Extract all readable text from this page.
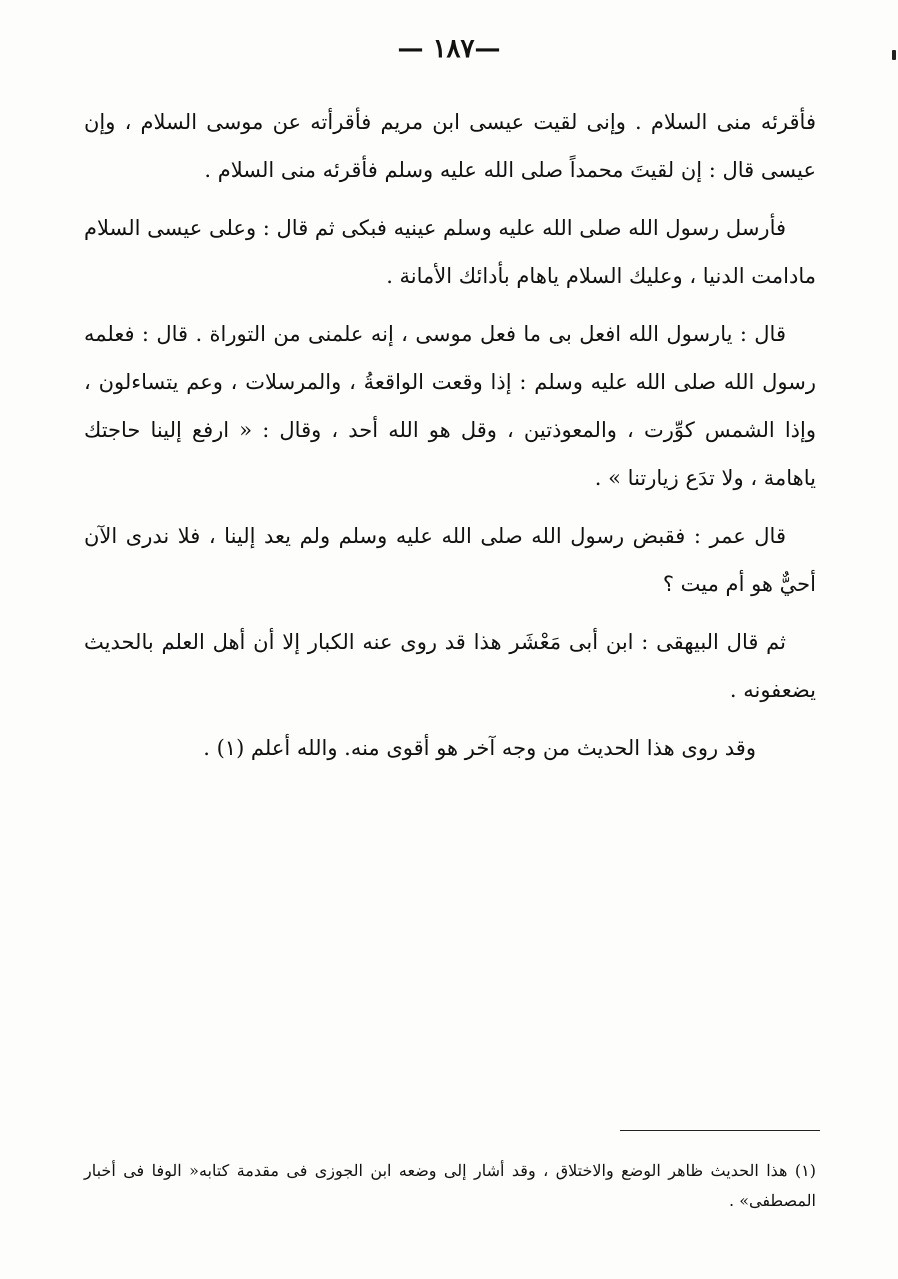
— ١٨٧—

فأقرئه منى السلام . وإنى لقيت عيسى ابن مريم فأقرأته عن موسى السلام ، وإن عيسى قال : إن لقيتَ محمداً صلى الله عليه وسلم فأقرئه منى السلام .

فأرسل رسول الله صلى الله عليه وسلم عينيه فبكى ثم قال : وعلى عيسى السلام مادامت الدنيا ، وعليك السلام ياهام بأدائك الأمانة .

قال : يارسول الله افعل بى ما فعل موسى ، إنه علمنى من التوراة . قال : فعلمه رسول الله صلى الله عليه وسلم : إذا وقعت الواقعةُ ، والمرسلات ، وعم يتساءلون ، وإذا الشمس كوِّرت ، والمعوذتين ، وقل هو الله أحد ، وقال : « ارفع إلينا حاجتك ياهامة ، ولا تدَع زيارتنا » .

قال عمر : فقبض رسول الله صلى الله عليه وسلم ولم يعد إلينا ، فلا ندرى الآن أحيٌّ هو أم ميت ؟

ثم قال البيهقى : ابن أبى مَعْشَر هذا قد روى عنه الكبار إلا أن أهل العلم بالحديث يضعفونه .

وقد روى هذا الحديث من وجه آخر هو أقوى منه. والله أعلم (١) .

(١) هذا الحديث ظاهر الوضع والاختلاق ، وقد أشار إلى وضعه ابن الجوزى فى مقدمة كتابه« الوفا فى أخبار المصطفى» .
